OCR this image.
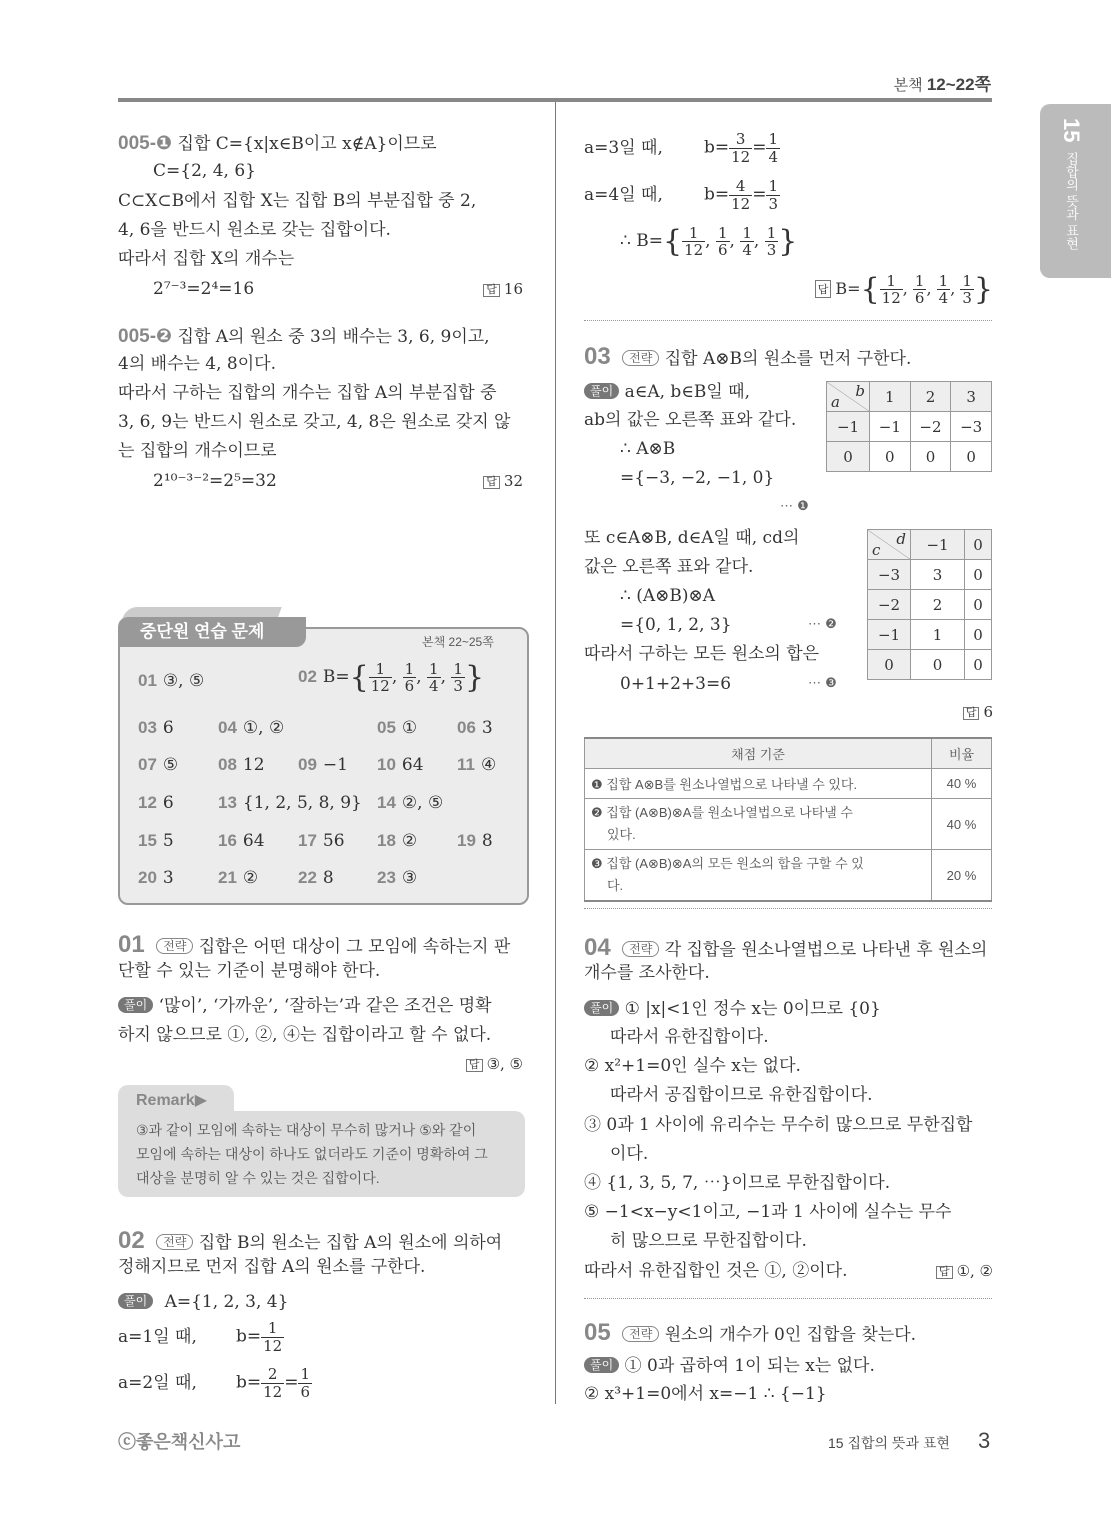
본책 12~22쪽
15 집합의 뜻과 표현
005-❶ 집합 C={x|x∈B이고 x∉A}이므로
C={2, 4, 6}
C⊂X⊂B에서 집합 X는 집합 B의 부분집합 중 2,
4, 6을 반드시 원소로 갖는 집합이다.
따라서 집합 X의 개수는
2⁷⁻³=2⁴=16	답 16
005-❷ 집합 A의 원소 중 3의 배수는 3, 6, 9이고,
4의 배수는 4, 8이다.
따라서 구하는 집합의 개수는 집합 A의 부분집합 중
3, 6, 9는 반드시 원소로 갖고, 4, 8은 원소로 갖지 않
는 집합의 개수이므로
2¹⁰⁻³⁻²=2⁵=32	답 32
중단원 연습 문제
본책 22~25쪽
01 ③, ⑤	02 $B=\{ \frac{1}{12}$ , $\frac{1}{6}$ , $\frac{1}{4}$ , $\frac{1}{3}$ }
03 6	04 ①, ②	05 ① 06 3
07 ⑤ 08 12 09 −1 10 64 11 ④
12 6	13 {1, 2, 5, 8, 9} 14 ②, ⑤
15 5	16 64 17 56 18 ② 19 8
20 3	21 ② 22 8	23 ③
01 전략 집합은 어떤 대상이 그 모임에 속하는지 판
단할 수 있는 기준이 분명해야 한다.
풀이 ‘많이’, ‘가까운’, ‘잘하는’과 같은 조건은 명확
하지 않으므로 ①, ②, ④는 집합이라고 할 수 없다.
답 ③, ⑤
Remark▶
③과 같이 모임에 속하는 대상이 무수히 많거나 ⑤와 같이
모임에 속하는 대상이 하나도 없더라도 기준이 명확하여 그
대상을 분명히 알 수 있는 것은 집합이다.
02 전략 집합 B의 원소는 집합 A의 원소에 의하여
정해지므로 먼저 집합 A의 원소를 구한다.
풀이 A={1, 2, 3, 4}
a=1일 때, $b= \frac{1}{12}$
a=2일 때, $b= \frac{2}{12} = \frac{1}{6}$
a=3일 때, $b= \frac{3}{12} = \frac{1}{4}$
a=4일 때, $b= \frac{4}{12} = \frac{1}{3}$
∴ $B=\{ \frac{1}{12}$ , $\frac{1}{6}$ , $\frac{1}{4}$ , $\frac{1}{3}$ }
답 $B=\{ \frac{1}{12}$ , $\frac{1}{6}$ , $\frac{1}{4}$ , $\frac{1}{3}$ }
03 전략 집합 A⊗B의 원소를 먼저 구한다.
풀이 a∈A, b∈B일 때,
ab의 값은 오른쪽 표와 같다.
∴ A⊗B
={−3, −2, −1, 0}
⋯ ❶
b
a	1	2	3
−1	−1	−2	−3
0	0	0	0
또 c∈A⊗B, d∈A일 때, cd의
값은 오른쪽 표와 같다.
∴ (A⊗B)⊗A
={0, 1, 2, 3}	⋯ ❷
따라서 구하는 모든 원소의 합은
0+1+2+3=6	⋯ ❸
d
c	−1	0
−3	3	0
−2	2	0
−1	1	0
0	0	0
답 6
채점 기준	비율
❶ 집합 A⊗B를 원소나열법으로 나타낼 수 있다.	40 %
❷ 집합 (A⊗B)⊗A를 원소나열법으로 나타낼 수
있다.	40 %
❸ 집합 (A⊗B)⊗A의 모든 원소의 합을 구할 수 있
다.	20 %
04 전략 각 집합을 원소나열법으로 나타낸 후 원소의
개수를 조사한다.
풀이 ① |x|<1인 정수 x는 0이므로 {0}
따라서 유한집합이다.
② x²+1=0인 실수 x는 없다.
따라서 공집합이므로 유한집합이다.
③ 0과 1 사이에 유리수는 무수히 많으므로 무한집합
이다.
④ {1, 3, 5, 7, ⋯}이므로 무한집합이다.
⑤ −1<x−y<1이고, −1과 1 사이에 실수는 무수
히 많으므로 무한집합이다.
따라서 유한집합인 것은 ①, ②이다.	답 ①, ②
05 전략 원소의 개수가 0인 집합을 찾는다.
풀이 ① 0과 곱하여 1이 되는 x는 없다.
② x³+1=0에서 x=−1 ∴ {−1}
ⓒ좋은책신사고	15 집합의 뜻과 표현 3
